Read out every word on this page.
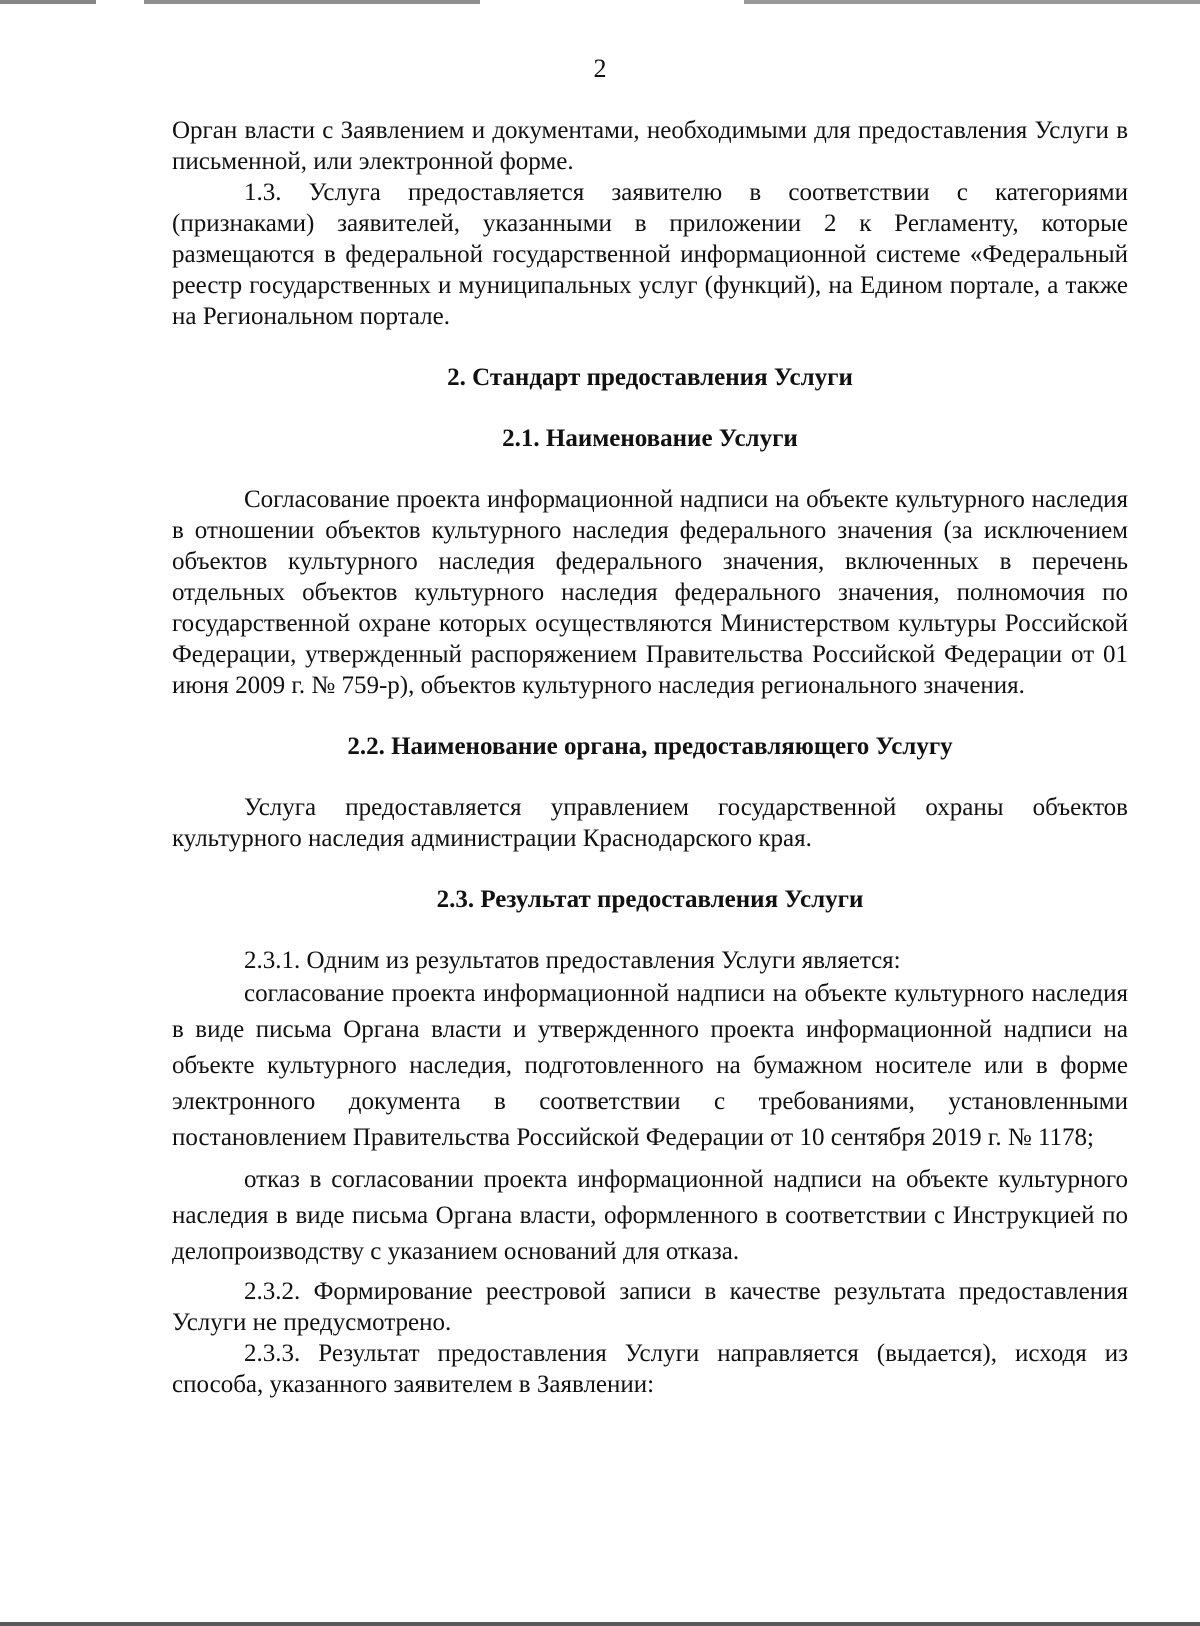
2

Орган власти с Заявлением и документами, необходимыми для предоставления Услуги в письменной, или электронной форме.

1.3. Услуга предоставляется заявителю в соответствии с категориями (признаками) заявителей, указанными в приложении 2 к Регламенту, которые размещаются в федеральной государственной информационной системе «Федеральный реестр государственных и муниципальных услуг (функций), на Едином портале, а также на Региональном портале.

2. Стандарт предоставления Услуги

2.1. Наименование Услуги

Согласование проекта информационной надписи на объекте культурного наследия в отношении объектов культурного наследия федерального значения (за исключением объектов культурного наследия федерального значения, включенных в перечень отдельных объектов культурного наследия федерального значения, полномочия по государственной охране которых осуществляются Министерством культуры Российской Федерации, утвержденный распоряжением Правительства Российской Федерации от 01 июня 2009 г. № 759-р), объектов культурного наследия регионального значения.

2.2. Наименование органа, предоставляющего Услугу

Услуга предоставляется управлением государственной охраны объектов культурного наследия администрации Краснодарского края.

2.3. Результат предоставления Услуги

2.3.1. Одним из результатов предоставления Услуги является:

согласование проекта информационной надписи на объекте культурного наследия в виде письма Органа власти и утвержденного проекта информационной надписи на объекте культурного наследия, подготовленного на бумажном носителе или в форме электронного документа в соответствии с требованиями, установленными постановлением Правительства Российской Федерации от 10 сентября 2019 г. № 1178;

отказ в согласовании проекта информационной надписи на объекте культурного наследия в виде письма Органа власти, оформленного в соответствии с Инструкцией по делопроизводству с указанием оснований для отказа.

2.3.2. Формирование реестровой записи в качестве результата предоставления Услуги не предусмотрено.

2.3.3. Результат предоставления Услуги направляется (выдается), исходя из способа, указанного заявителем в Заявлении:
